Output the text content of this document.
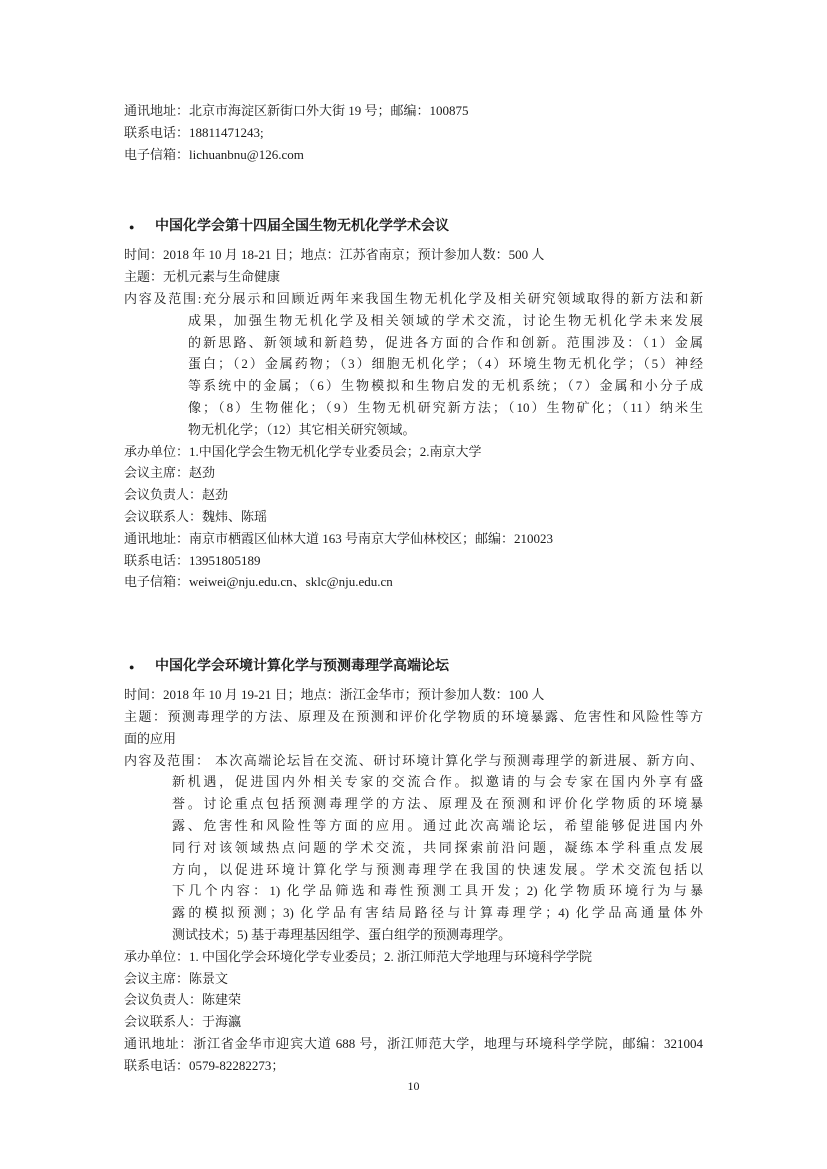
通讯地址：北京市海淀区新街口外大街 19 号；邮编：100875
联系电话：18811471243;
电子信箱：lichuanbnu@126.com
●	中国化学会第十四届全国生物无机化学学术会议
时间：2018 年 10 月 18-21 日；地点：江苏省南京；预计参加人数：500 人
主题：无机元素与生命健康
内容及范围:充分展示和回顾近两年来我国生物无机化学及相关研究领域取得的新方法和新
成果，加强生物无机化学及相关领域的学术交流，讨论生物无机化学未来发展
的新思路、新领域和新趋势，促进各方面的合作和创新。范围涉及：（1）金属
蛋白；（2）金属药物；（3）细胞无机化学；（4）环境生物无机化学；（5）神经
等系统中的金属；（6）生物模拟和生物启发的无机系统；（7）金属和小分子成
像；（8）生物催化；（9）生物无机研究新方法；（10）生物矿化；（11）纳米生
物无机化学；（12）其它相关研究领域。
承办单位：1.中国化学会生物无机化学专业委员会；2.南京大学
会议主席：赵劲
会议负责人：赵劲
会议联系人：魏炜、陈瑶
通讯地址：南京市栖霞区仙林大道 163 号南京大学仙林校区；邮编：210023
联系电话：13951805189
电子信箱：weiwei@nju.edu.cn、sklc@nju.edu.cn
●	中国化学会环境计算化学与预测毒理学高端论坛
时间：2018 年 10 月 19-21 日；地点：浙江金华市；预计参加人数：100 人
主题：预测毒理学的方法、原理及在预测和评价化学物质的环境暴露、危害性和风险性等方
面的应用
内容及范围： 本次高端论坛旨在交流、研讨环境计算化学与预测毒理学的新进展、新方向、
新机遇，促进国内外相关专家的交流合作。拟邀请的与会专家在国内外享有盛
誉。讨论重点包括预测毒理学的方法、原理及在预测和评价化学物质的环境暴
露、危害性和风险性等方面的应用。通过此次高端论坛，希望能够促进国内外
同行对该领域热点问题的学术交流，共同探索前沿问题，凝练本学科重点发展
方向，以促进环境计算化学与预测毒理学在我国的快速发展。学术交流包括以
下几个内容：1) 化学品筛选和毒性预测工具开发；2) 化学物质环境行为与暴
露的模拟预测；3) 化学品有害结局路径与计算毒理学；4) 化学品高通量体外
测试技术；5) 基于毒理基因组学、蛋白组学的预测毒理学。
承办单位：1. 中国化学会环境化学专业委员；2. 浙江师范大学地理与环境科学学院
会议主席：陈景文
会议负责人：陈建荣
会议联系人：于海瀛
通讯地址：浙江省金华市迎宾大道 688 号，浙江师范大学，地理与环境科学学院，邮编：321004
联系电话：0579-82282273；
10
